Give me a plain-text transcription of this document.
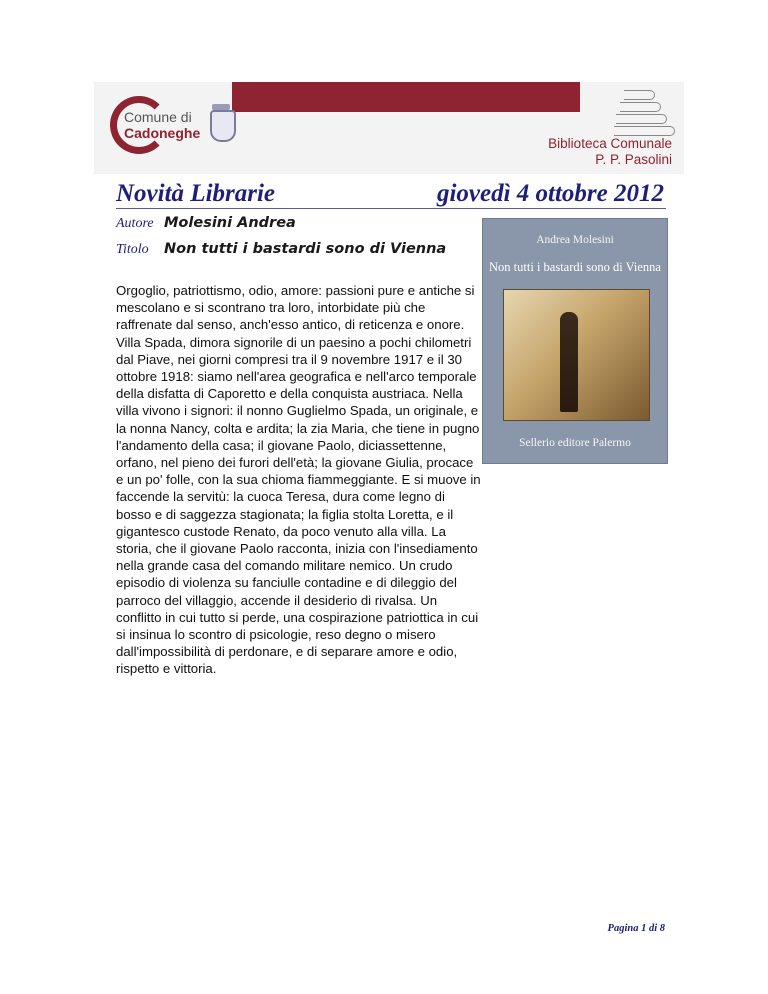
Comune di
Cadoneghe
Biblioteca Comunale
P. P. Pasolini
Novità Librarie	giovedì 4 ottobre 2012
Autore Molesini Andrea
Titolo Non tutti i bastardi sono di Vienna
Orgoglio, patriottismo, odio, amore: passioni pure e antiche si mescolano e si scontrano tra loro, intorbidate più che raffrenate dal senso, anch'esso antico, di reticenza e onore. Villa Spada, dimora signorile di un paesino a pochi chilometri dal Piave, nei giorni compresi tra il 9 novembre 1917 e il 30 ottobre 1918: siamo nell'area geografica e nell'arco temporale della disfatta di Caporetto e della conquista austriaca. Nella villa vivono i signori: il nonno Guglielmo Spada, un originale, e la nonna Nancy, colta e ardita; la zia Maria, che tiene in pugno l'andamento della casa; il giovane Paolo, diciassettenne, orfano, nel pieno dei furori dell'età; la giovane Giulia, procace e un po' folle, con la sua chioma fiammeggiante. E si muove in faccende la servitù: la cuoca Teresa, dura come legno di bosso e di saggezza stagionata; la figlia stolta Loretta, e il gigantesco custode Renato, da poco venuto alla villa. La storia, che il giovane Paolo racconta, inizia con l'insediamento nella grande casa del comando militare nemico. Un crudo episodio di violenza su fanciulle contadine e di dileggio del parroco del villaggio, accende il desiderio di rivalsa. Un conflitto in cui tutto si perde, una cospirazione patriottica in cui si insinua lo scontro di psicologie, reso degno o misero dall'impossibilità di perdonare, e di separare amore e odio, rispetto e vittoria.
Andrea Molesini
Non tutti i bastardi sono di Vienna
Sellerio editore Palermo
Pagina 1 di 8
